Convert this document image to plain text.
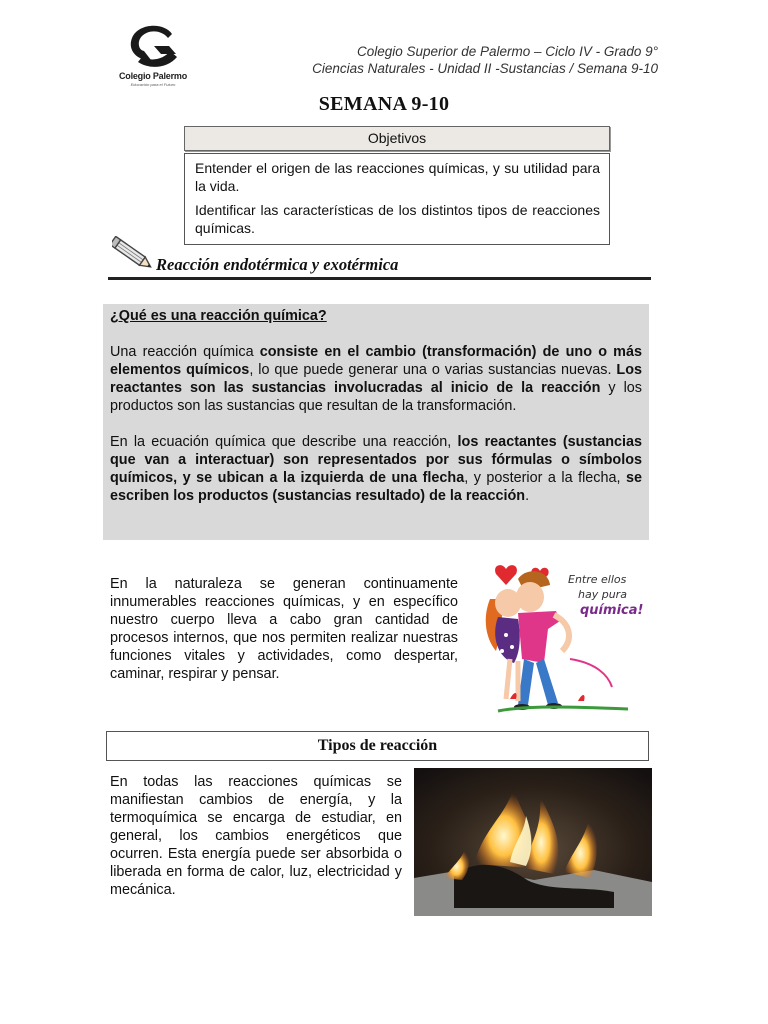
Colegio Palermo
Educación para el Futuro
Colegio Superior de Palermo – Ciclo IV - Grado 9°
Ciencias Naturales - Unidad II -Sustancias / Semana 9-10
SEMANA 9-10
Objetivos

Entender el origen de las reacciones químicas, y su utilidad para la vida.

Identificar las características de los distintos tipos de reacciones químicas.

Reacción endotérmica y exotérmica

¿Qué es una reacción química?

Una reacción química consiste en el cambio (transformación) de uno o más elementos químicos, lo que puede generar una o varias sustancias nuevas. Los reactantes son las sustancias involucradas al inicio de la reacción y los productos son las sustancias que resultan de la transformación.

En la ecuación química que describe una reacción, los reactantes (sustancias que van a interactuar) son representados por sus fórmulas o símbolos químicos, y se ubican a la izquierda de una flecha, y posterior a la flecha, se escriben los productos (sustancias resultado) de la reacción.

En la naturaleza se generan continuamente innumerables reacciones químicas, y en específico nuestro cuerpo lleva a cabo gran cantidad de procesos internos, que nos permiten realizar nuestras funciones vitales y actividades, como despertar, caminar, respirar y pensar.
Entre ellos
hay pura
química!
Tipos de reacción
En todas las reacciones químicas se manifiestan cambios de energía, y la termoquímica se encarga de estudiar, en general, los cambios energéticos que ocurren. Esta energía puede ser absorbida o liberada en forma de calor, luz, electricidad y mecánica.
